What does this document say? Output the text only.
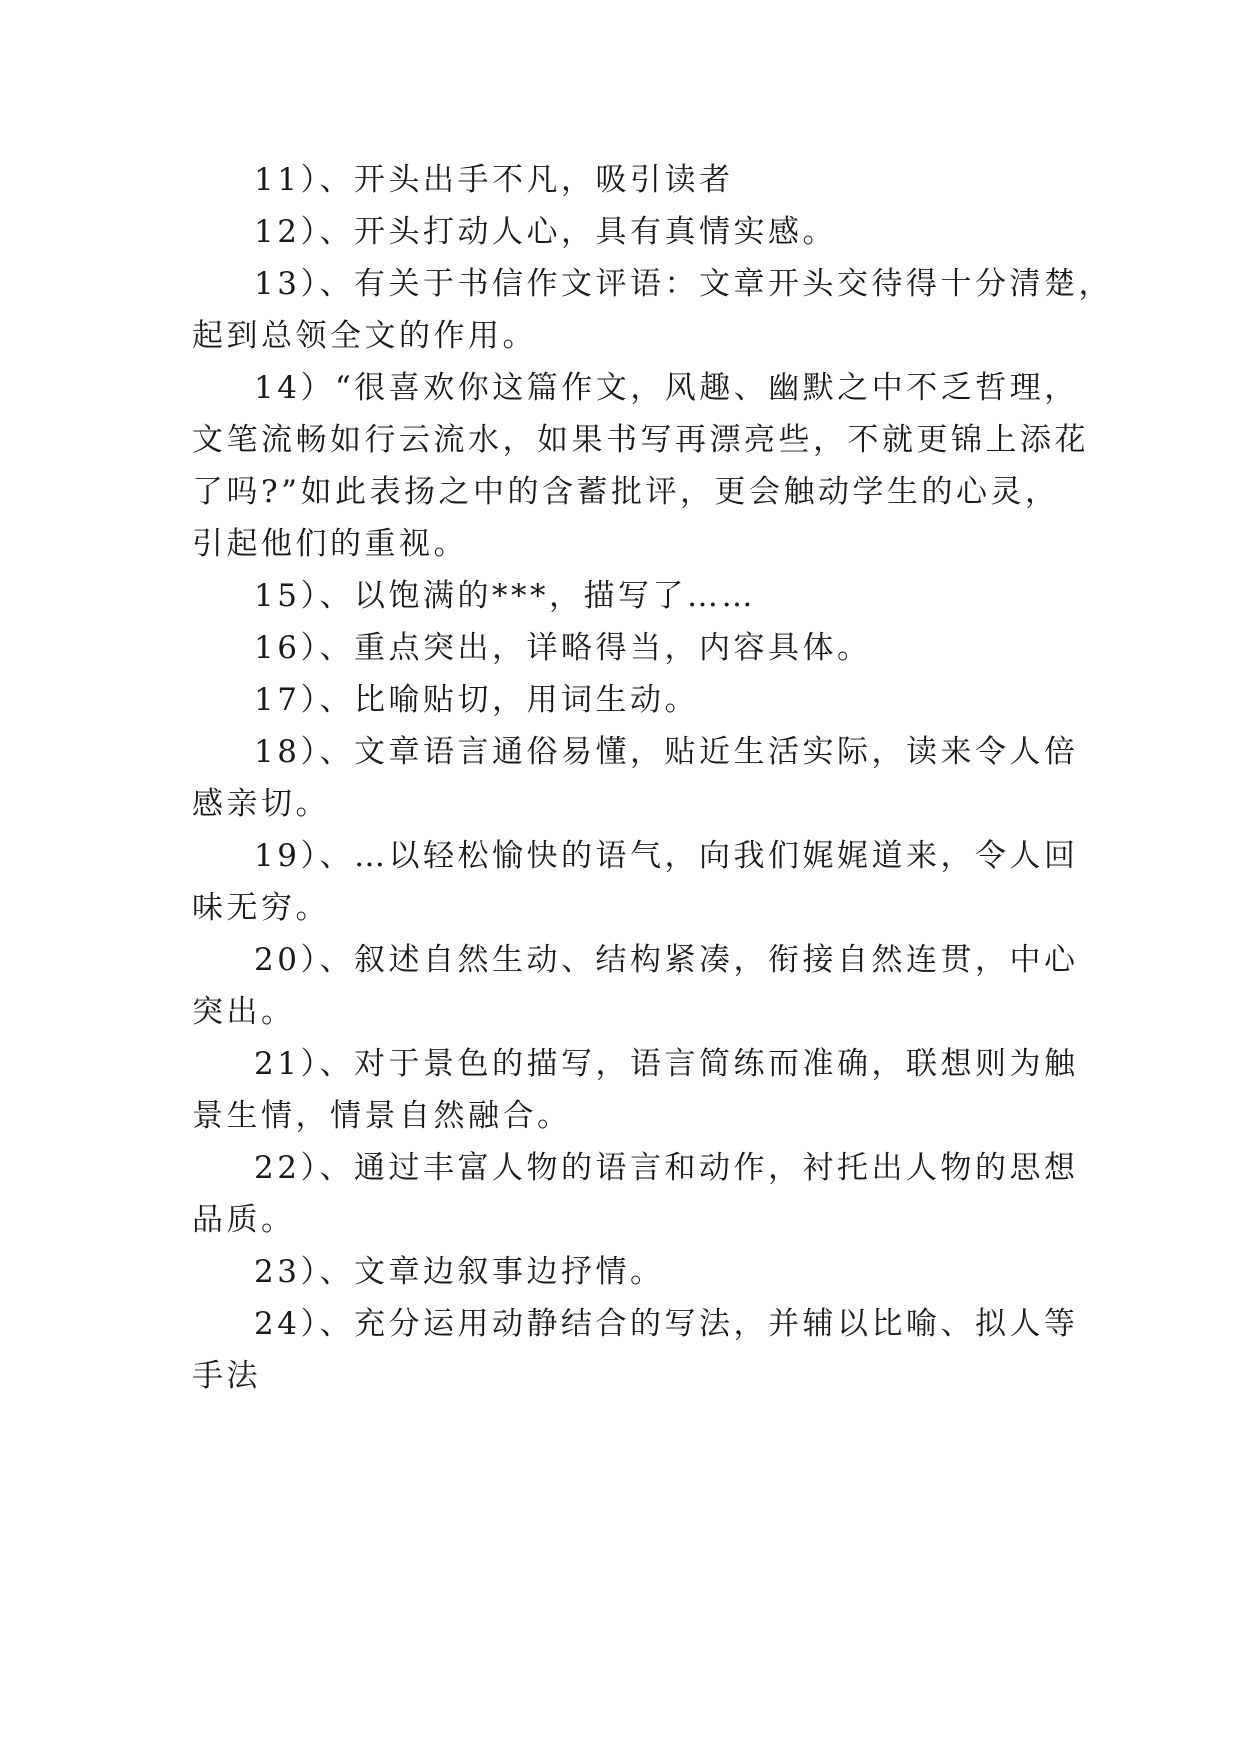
11）、开头出手不凡，吸引读者
12）、开头打动人心，具有真情实感。
13）、有关于书信作文评语：文章开头交待得十分清楚，
起到总领全文的作用。
14）“很喜欢你这篇作文，风趣、幽默之中不乏哲理，
文笔流畅如行云流水，如果书写再漂亮些，不就更锦上添花
了吗?”如此表扬之中的含蓄批评，更会触动学生的心灵，
引起他们的重视。
15）、以饱满的***，描写了……
16）、重点突出，详略得当，内容具体。
17）、比喻贴切，用词生动。
18）、文章语言通俗易懂，贴近生活实际，读来令人倍
感亲切。
19）、…以轻松愉快的语气，向我们娓娓道来，令人回
味无穷。
20）、叙述自然生动、结构紧凑，衔接自然连贯，中心
突出。
21）、对于景色的描写，语言简练而准确，联想则为触
景生情，情景自然融合。
22）、通过丰富人物的语言和动作，衬托出人物的思想
品质。
23）、文章边叙事边抒情。
24）、充分运用动静结合的写法，并辅以比喻、拟人等
手法
